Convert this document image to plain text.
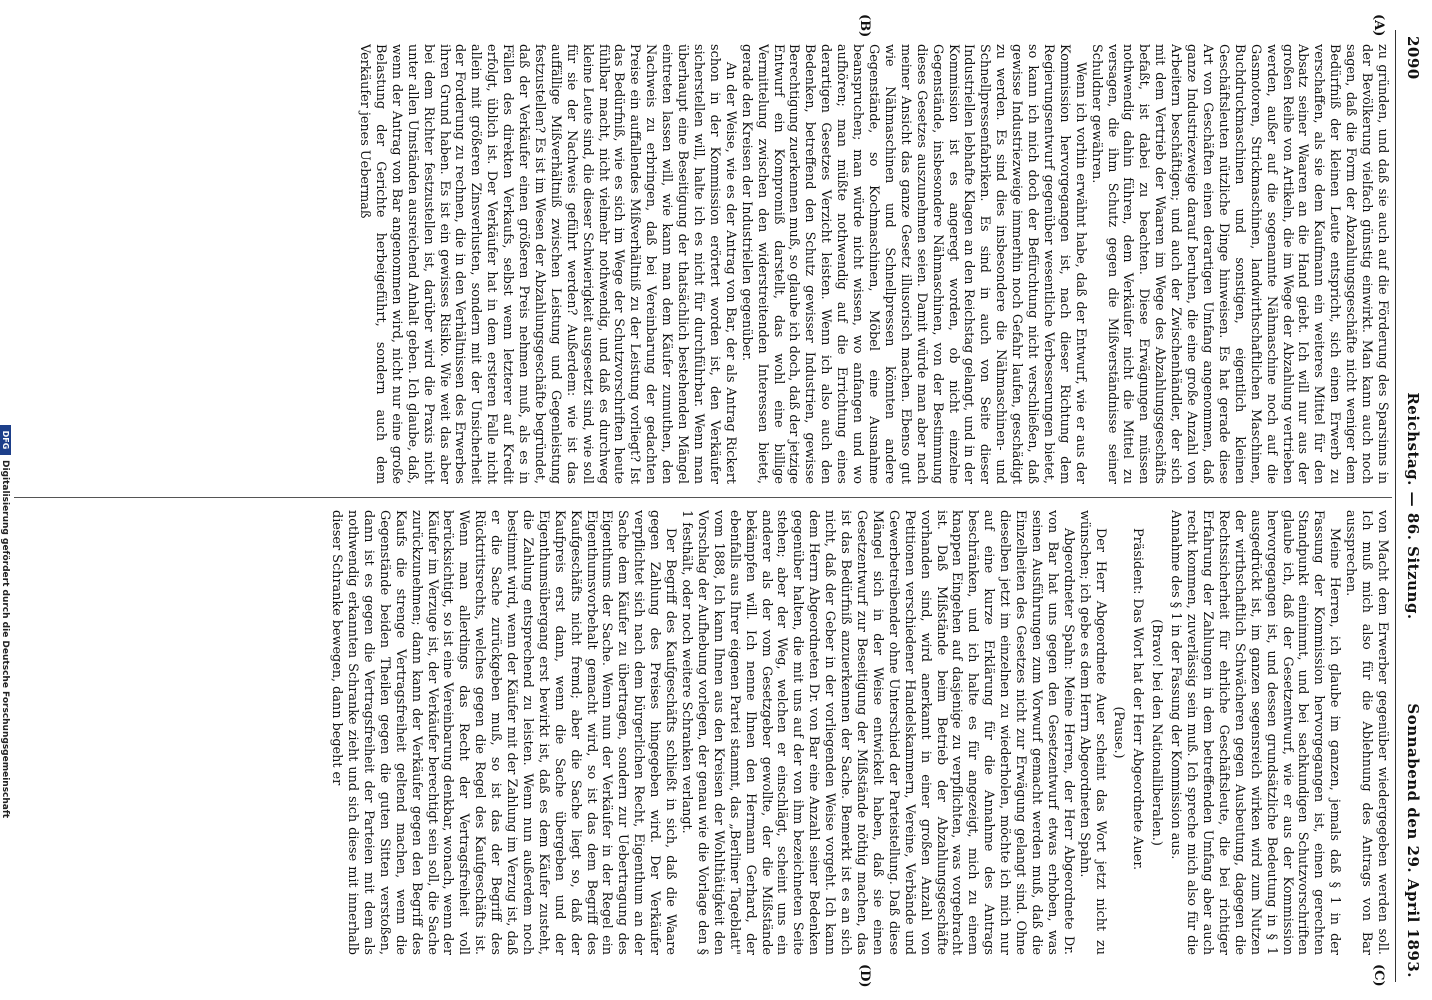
2090
Reichstag. — 86. Sitzung.
Sonnabend den 29. April 1893.
(A)
(B)
(C)
(D)

zu gründen, und daß sie auch auf die Förderung des Sparsinns in der Bevölkerung vielfach günstig einwirkt. Man kann auch noch sagen, daß die Form der Abzahlungsgeschäfte nicht weniger dem Bedürfniß der kleinen Leute entspricht, sich einen Erwerb zu verschaffen, als sie dem Kaufmann ein weiteres Mittel für den Absatz seiner Waaren an die Hand giebt. Ich will nur aus der großen Reihe von Artikeln, die im Wege der Abzahlung vertrieben werden, außer auf die sogenannte Nähmaschine noch auf die Gasmotoren, Strickmaschinen, landwirthschaftlichen Maschinen, Buchdruckmaschinen und sonstigen, eigentlich kleinen Geschäftsleuten nützliche Dinge hinweisen. Es hat gerade diese Art von Geschäften einen derartigen Umfang angenommen, daß ganze Industriezweige darauf beruhen, die eine große Anzahl von Arbeitern beschäftigen; und auch der Zwischenhändler, der sich mit dem Vertrieb der Waaren im Wege des Abzahlungsgeschäfts befaßt, ist dabei zu beachten. Diese Erwägungen müssen nothwendig dahin führen, dem Verkäufer nicht die Mittel zu versagen, die ihm Schutz gegen die Mißverständnisse seiner Schuldner gewähren.

Wenn ich vorhin erwähnt habe, daß der Entwurf, wie er aus der Kommission hervorgegangen ist, nach dieser Richtung dem Regierungsentwurf gegenüber wesentliche Verbesserungen bietet, so kann ich mich doch der Befürchtung nicht verschließen, daß gewisse Industriezweige immerhin noch Gefahr laufen, geschädigt zu werden. Es sind dies insbesondere die Nähmaschinen- und Schnellpressenfabriken. Es sind in auch von Seite dieser Industriellen lebhafte Klagen an den Reichstag gelangt, und in der Kommission ist es angeregt worden, ob nicht einzelne Gegenstände, insbesondere Nähmaschinen, von der Bestimmung dieses Gesetzes auszunehmen seien. Damit würde man aber nach meiner Ansicht das ganze Gesetz illusorisch machen. Ebenso gut wie Nähmaschinen und Schnellpressen könnten andere Gegenstände, so Kochmaschinen, Möbel eine Ausnahme beanspruchen; man würde nicht wissen, wo anfangen und wo aufhören; man müßte nothwendig auf die Errichtung eines derartigen Gesetzes Verzicht leisten. Wenn ich also auch den Bedenken, betreffend den Schutz gewisser Industrien, gewisse Berechtigung zuerkennen muß, so glaube ich doch, daß der jetzige Entwurf ein Kompromiß darstellt, das wohl eine billige Vermittelung zwischen den widerstreitenden Interessen bietet, gerade den Kreisen der Industriellen gegenüber.

An der Weise, wie es der Antrag von Bar, der als Antrag Rickert schon in der Kommission erörtert worden ist, den Verkäufer sicherstellen will, halte ich es nicht für durchführbar. Wenn man überhaupt eine Beseitigung der thatsächlich bestehenden Mängel eintreten lassen will, wie kann man dem Käufer zumuthen, den Nachweis zu erbringen, daß bei Vereinbarung der gedachten Preise ein auffallendes Mißverhältniß zu der Leistung vorliegt? Ist das Bedürfniß, wie es sich im Wege der Schutzvorschriften heute fühlbar macht, nicht vielmehr nothwendig, und daß es durchweg kleine Leute sind, die dieser Schwierigkeit ausgesetzt sind, wie soll für sie der Nachweis geführt werden? Außerdem: wie ist das auffällige Mißverhältniß zwischen Leistung und Gegenleistung festzustellen? Es ist im Wesen der Abzahlungsgeschäfte begründet, daß der Verkäufer einen größeren Preis nehmen muß, als es in Fällen des direkten Verkaufs, selbst wenn letzterer auf Kredit erfolgt, üblich ist. Der Verkäufer hat in dem ersteren Falle nicht allein mit größeren Zinsverlusten, sondern mit der Unsicherheit der Forderung zu rechnen, die in den Verhältnissen des Erwerbes ihren Grund haben. Es ist ein gewisses Risiko. Wie weit das aber bei dem Richter festzustellen ist, darüber wird die Praxis nicht unter allen Umständen ausreichend Anhalt geben. Ich glaube, daß, wenn der Antrag von Bar angenommen wird, nicht nur eine große Belastung der Gerichte herbeigeführt, sondern auch dem Verkäufer jenes Uebermaß

von Macht dem Erwerber gegenüber wiedergegeben werden soll. Ich muß mich also für die Ablehnung des Antrags von Bar aussprechen.

Meine Herren, ich glaube im ganzen, jemals daß § 1 in der Fassung der Kommission hervorgegangen ist, einen gerechten Standpunkt einnimmt, und bei sachkundigen Schutzvorschriften glaube ich, daß der Gesetzentwurf, wie er aus der Kommission hervorgegangen ist, und dessen grundsätzliche Bedeutung in § 1 ausgedrückt ist, im ganzen segensreich wirken wird zum Nutzen der wirthschaftlich Schwächeren gegen Ausbeutung, dagegen die Rechtssicherheit für ehrliche Geschäftsleute, die bei richtiger Erfahrung der Zahlungen in dem betreffenden Umfang aber auch recht kommen, zuverlässig sein muß. Ich spreche mich also für die Annahme des § 1 in der Fassung der Kommission aus.

(Bravo! bei den Nationalliberalen.)

Präsident: Das Wort hat der Herr Abgeordnete Auer.

(Pause.)

Der Herr Abgeordnete Auer scheint das Wort jetzt nicht zu wünschen; ich gebe es dem Herrn Abgeordneten Spahn.

Abgeordneter Spahn: Meine Herren, der Herr Abgeordnete Dr. von Bar hat uns gegen den Gesetzentwurf etwas erhoben, was seinen Ausführungen zum Vorwurf gemacht werden muß, daß die Einzelheiten des Gesetzes nicht zur Erwägung gelangt sind. Ohne dieselben jetzt im einzelnen zu wiederholen, möchte ich mich nur auf eine kurze Erklärung für die Annahme des Antrags beschränken, und ich halte es für angezeigt, mich zu einem knappen Eingehen auf dasjenige zu verpflichten, was vorgebracht ist. Daß Mißstände beim Betrieb der Abzahlungsgeschäfte vorhanden sind, wird anerkannt in einer großen Anzahl von Petitionen verschiedener Handelskammern, Vereine, Verbände und Gewerbetreibender ohne Unterschied der Parteistellung. Daß diese Mängel sich in der Weise entwickelt haben, daß sie einen Gesetzentwurf zur Beseitigung der Mißstände nöthig machen, das ist das Bedürfniß anzuerkennen der Sache. Bemerkt ist es an sich nicht, daß der Geber in der vorliegenden Weise vorgeht. Ich kann dem Herrn Abgeordneten Dr. von Bar eine Anzahl seiner Bedenken gegenüber halten, die mit uns auf der von ihm bezeichneten Seite stehen; aber der Weg, welchen er einschlägt, scheint uns ein anderer als der vom Gesetzgeber gewollte, der die Mißstände bekämpfen will. Ich nenne Ihnen den Hermann Gerhard, der ebenfalls aus Ihrer eigenen Partei stammt, das „Berliner Tageblatt" vom 1888, Ich kann Ihnen aus den Kreisen der Wohlthätigkeit den Vorschlag der Aufhebung vorlegen, der genau wie die Vorlage den § 1 festhält, oder noch weitere Schranken verlangt.

Der Begriff des Kaufgeschäfts schließt in sich, daß die Waare gegen Zahlung des Preises hingegeben wird. Der Verkäufer verpflichtet sich nach dem bürgerlichen Recht, Eigenthum an der Sache dem Käufer zu übertragen, sondern zur Uebertragung des Eigenthums der Sache. Wenn nun der Verkäufer in der Regel ein Eigenthumsvorbehalt gemacht wird, so ist das dem Begriff des Kaufgeschäfts nicht fremd; aber die Sache liegt so, daß der Kaufpreis erst dann, wenn die Sache übergeben und der Eigenthumsübergang erst bewirkt ist, daß es dem Käufer zusteht, die Zahlung entsprechend zu leisten. Wenn nun außerdem noch bestimmt wird, wenn der Käufer mit der Zahlung im Verzug ist, daß er die Sache zurückgeben muß, so ist das der Begriff des Rücktrittsrechts, welches gegen die Regel des Kaufgeschäfts ist. Wenn man allerdings das Recht der Vertragsfreiheit voll berücksichtigt, so ist eine Vereinbarung denkbar, wonach, wenn der Käufer im Verzuge ist, der Verkäufer berechtigt sein soll, die Sache zurückzunehmen; dann kann der Verkäufer gegen den Begriff des Kaufs die strenge Vertragsfreiheit geltend machen, wenn die Gegenstände beiden Theilen gegen die guten Sitten verstoßen, dann ist es gegen die Vertragsfreiheit der Parteien mit dem als nothwendig erkannten Schranke zieht und sich diese mit innerhalb dieser Schranke bewegen, dann begeht er

DFG
Digitalisierung gefördert durch die Deutsche Forschungsgemeinschaft
